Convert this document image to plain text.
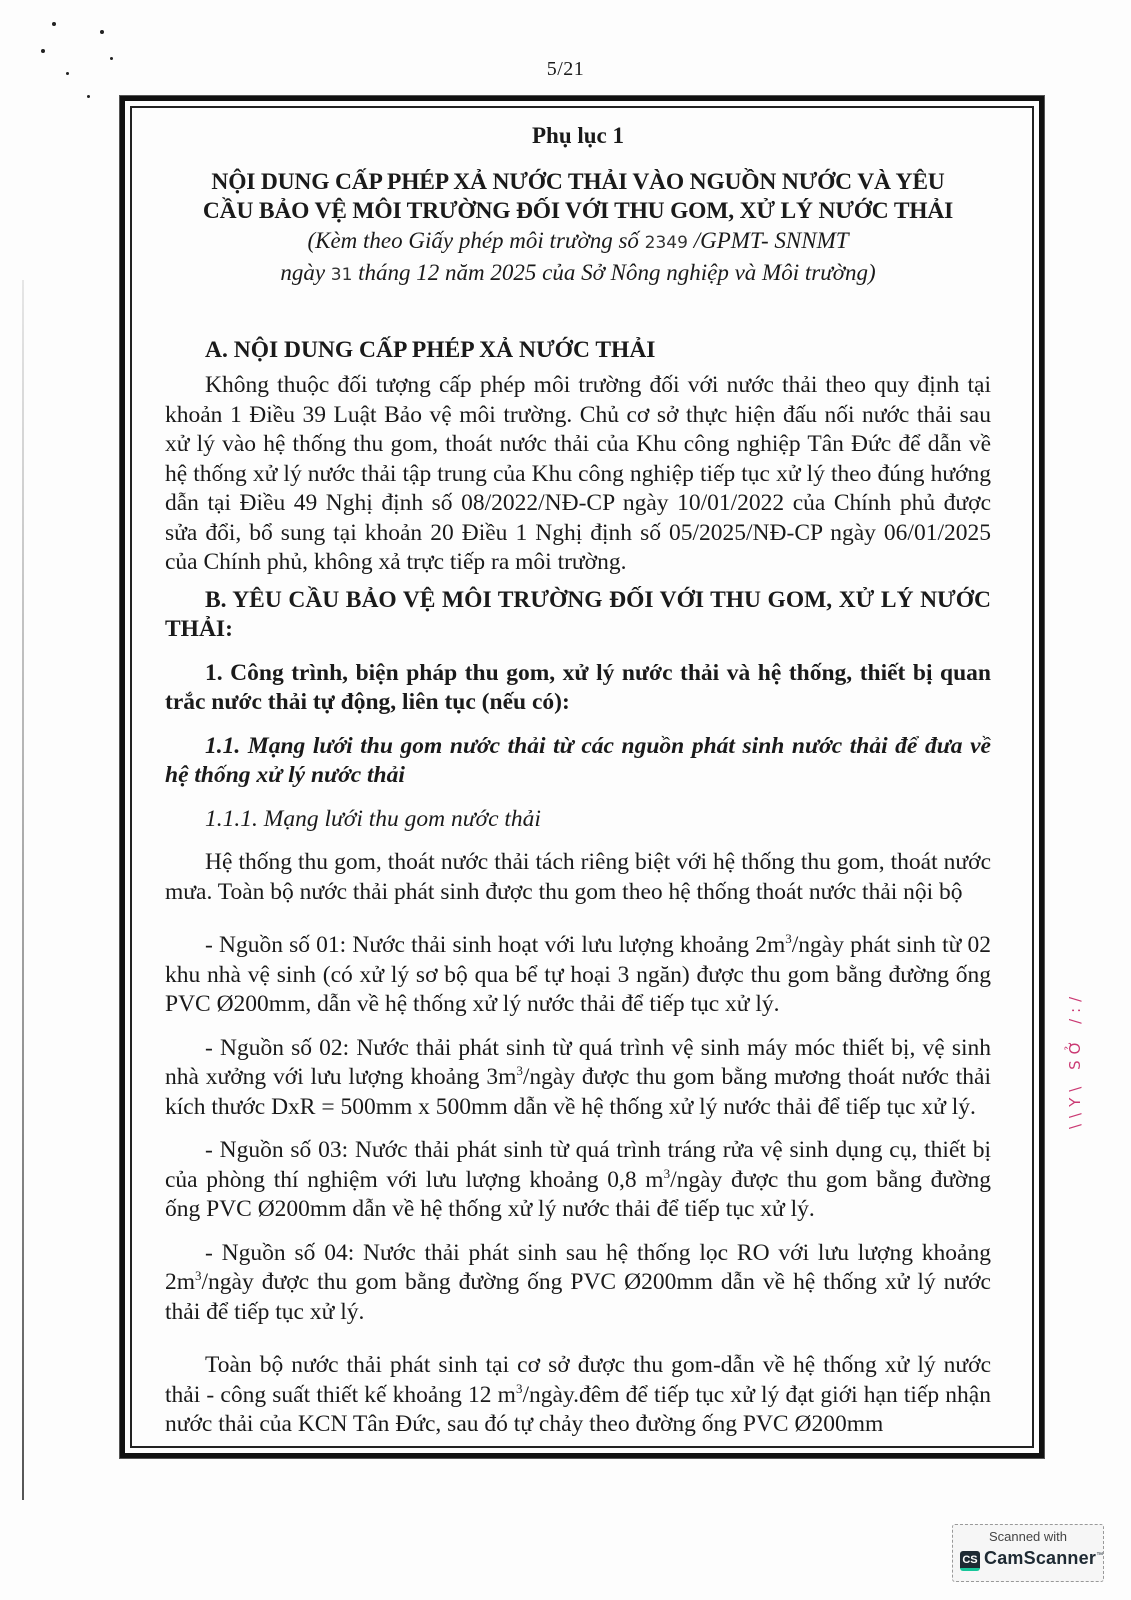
5/21
Phụ lục 1
NỘI DUNG CẤP PHÉP XẢ NƯỚC THẢI VÀO NGUỒN NƯỚC VÀ YÊU
CẦU BẢO VỆ MÔI TRƯỜNG ĐỐI VỚI THU GOM, XỬ LÝ NƯỚC THẢI
(Kèm theo Giấy phép môi trường số 2349 /GPMT- SNNMT
ngày 31 tháng 12 năm 2025 của Sở Nông nghiệp và Môi trường)
A. NỘI DUNG CẤP PHÉP XẢ NƯỚC THẢI

Không thuộc đối tượng cấp phép môi trường đối với nước thải theo quy định tại khoản 1 Điều 39 Luật Bảo vệ môi trường. Chủ cơ sở thực hiện đấu nối nước thải sau xử lý vào hệ thống thu gom, thoát nước thải của Khu công nghiệp Tân Đức để dẫn về hệ thống xử lý nước thải tập trung của Khu công nghiệp tiếp tục xử lý theo đúng hướng dẫn tại Điều 49 Nghị định số 08/2022/NĐ-CP ngày 10/01/2022 của Chính phủ được sửa đổi, bổ sung tại khoản 20 Điều 1 Nghị định số 05/2025/NĐ-CP ngày 06/01/2025 của Chính phủ, không xả trực tiếp ra môi trường.

B. YÊU CẦU BẢO VỆ MÔI TRƯỜNG ĐỐI VỚI THU GOM, XỬ LÝ NƯỚC THẢI:

1. Công trình, biện pháp thu gom, xử lý nước thải và hệ thống, thiết bị quan trắc nước thải tự động, liên tục (nếu có):

1.1. Mạng lưới thu gom nước thải từ các nguồn phát sinh nước thải để đưa về hệ thống xử lý nước thải

1.1.1. Mạng lưới thu gom nước thải

Hệ thống thu gom, thoát nước thải tách riêng biệt với hệ thống thu gom, thoát nước mưa. Toàn bộ nước thải phát sinh được thu gom theo hệ thống thoát nước thải nội bộ

- Nguồn số 01: Nước thải sinh hoạt với lưu lượng khoảng $2m^3$/ngày phát sinh từ 02 khu nhà vệ sinh (có xử lý sơ bộ qua bể tự hoại 3 ngăn) được thu gom bằng đường ống PVC Ø200mm, dẫn về hệ thống xử lý nước thải để tiếp tục xử lý.

- Nguồn số 02: Nước thải phát sinh từ quá trình vệ sinh máy móc thiết bị, vệ sinh nhà xưởng với lưu lượng khoảng $3m^3$/ngày được thu gom bằng mương thoát nước thải kích thước DxR = 500mm x 500mm dẫn về hệ thống xử lý nước thải để tiếp tục xử lý.

- Nguồn số 03: Nước thải phát sinh từ quá trình tráng rửa vệ sinh dụng cụ, thiết bị của phòng thí nghiệm với lưu lượng khoảng 0,8 $m^3$/ngày được thu gom bằng đường ống PVC Ø200mm dẫn về hệ thống xử lý nước thải để tiếp tục xử lý.

- Nguồn số 04: Nước thải phát sinh sau hệ thống lọc RO với lưu lượng khoảng $2m^3$/ngày được thu gom bằng đường ống PVC Ø200mm dẫn về hệ thống xử lý nước thải để tiếp tục xử lý.

Toàn bộ nước thải phát sinh tại cơ sở được thu gom-dẫn về hệ thống xử lý nước thải - công suất thiết kế khoảng 12 $m^3/ngày.đêm$ để tiếp tục xử lý đạt giới hạn tiếp nhận nước thải của KCN Tân Đức, sau đó tự chảy theo đường ống PVC Ø200mm

\\Y\ SỞ /:/
Scanned with
CS CamScanner™
